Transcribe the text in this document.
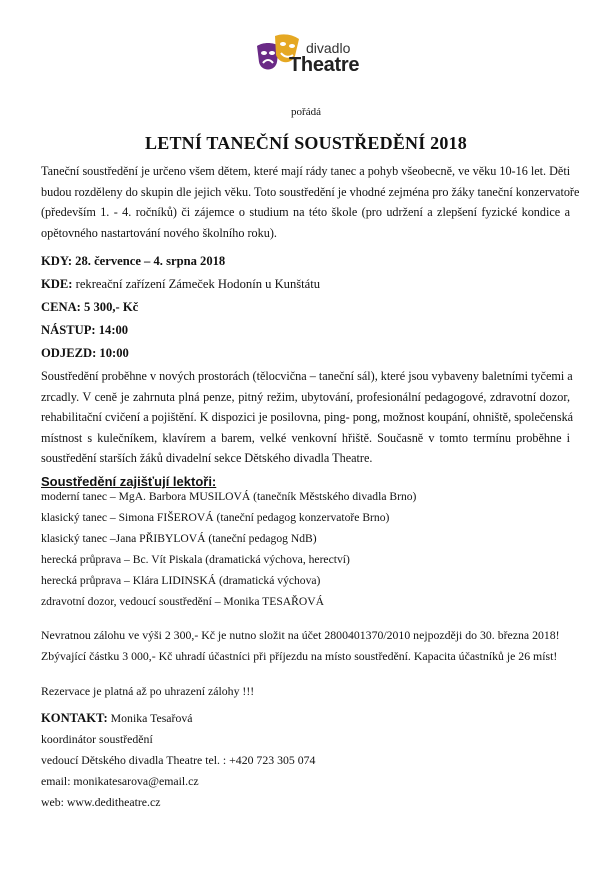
divadlo
Theatre
pořádá
LETNÍ TANEČNÍ SOUSTŘEDĚNÍ 2018
Taneční soustředění je určeno všem dětem, které mají rády tanec a pohyb všeobecně, ve věku 10-16 let. Děti
budou rozděleny do skupin dle jejich věku. Toto soustředění je vhodné zejména pro žáky taneční konzervatoře
(především 1. - 4. ročníků) či zájemce o studium na této škole (pro udržení a zlepšení fyzické kondice a
opětovného nastartování nového školního roku).
KDY: 28. července – 4. srpna 2018
KDE: rekreační zařízení Zámeček Hodonín u Kunštátu
CENA: 5 300,- Kč
NÁSTUP: 14:00
ODJEZD: 10:00
Soustředění proběhne v nových prostorách (tělocvična – taneční sál), které jsou vybaveny baletními tyčemi a
zrcadly. V ceně je zahrnuta plná penze, pitný režim, ubytování, profesionální pedagogové, zdravotní dozor,
rehabilitační cvičení a pojištění. K dispozici je posilovna, ping- pong, možnost koupání, ohniště, společenská
místnost s kulečníkem, klavírem a barem, velké venkovní hřiště. Současně v tomto termínu proběhne i
soustředění starších žáků divadelní sekce Dětského divadla Theatre.
Soustředění zajišťují lektoři:
moderní tanec – MgA. Barbora MUSILOVÁ (tanečník Městského divadla Brno)
klasický tanec – Simona FIŠEROVÁ (taneční pedagog konzervatoře Brno)
klasický tanec –Jana PŘIBYLOVÁ (taneční pedagog NdB)
herecká průprava – Bc. Vít Piskala (dramatická výchova, herectví)
herecká průprava – Klára LIDINSKÁ (dramatická výchova)
zdravotní dozor, vedoucí soustředění – Monika TESAŘOVÁ
Nevratnou zálohu ve výši 2 300,- Kč je nutno složit na účet 2800401370/2010 nejpozději do 30. března 2018!
Zbývající částku 3 000,- Kč uhradí účastníci při příjezdu na místo soustředění. Kapacita účastníků je 26 míst!
Rezervace je platná až po uhrazení zálohy !!!
KONTAKT: Monika Tesařová
koordinátor soustředění
vedoucí Dětského divadla Theatre tel. : +420 723 305 074
email: monikatesarova@email.cz
web: www.deditheatre.cz
